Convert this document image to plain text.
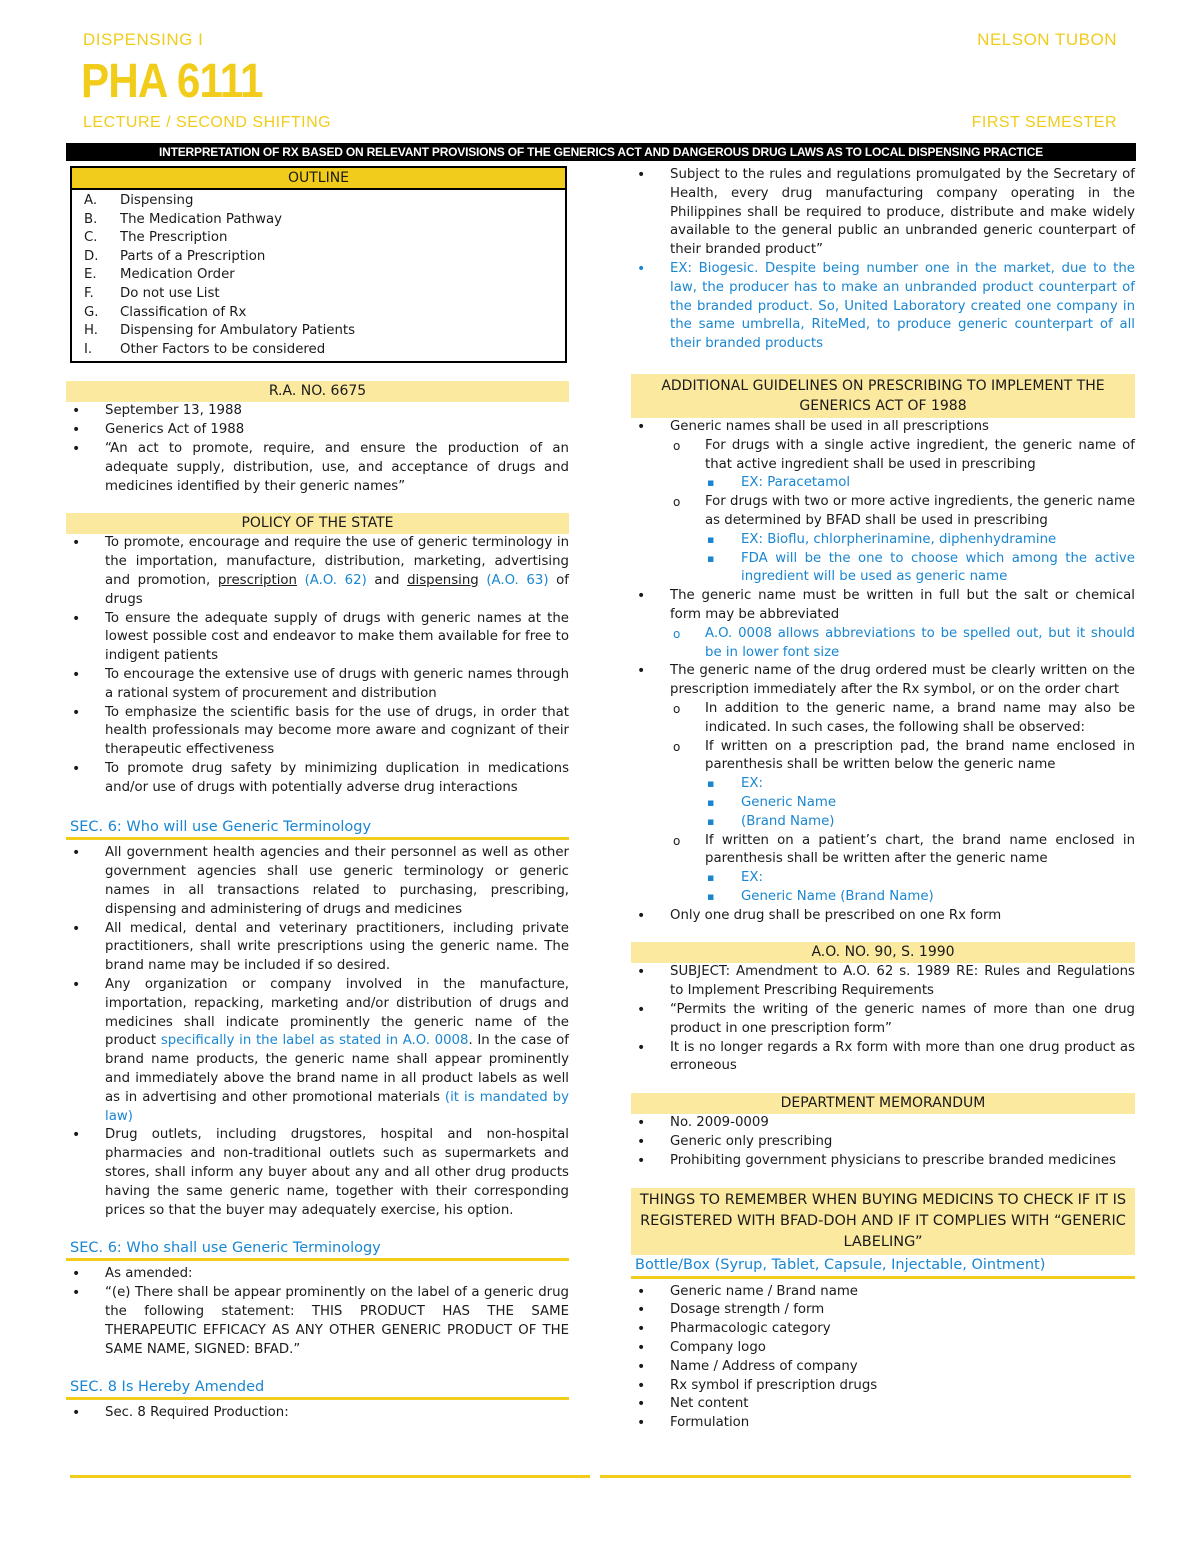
DISPENSING I
PHA 6111
LECTURE / SECOND SHIFTING
NELSON TUBON
FIRST SEMESTER
INTERPRETATION OF RX BASED ON RELEVANT PROVISIONS OF THE GENERICS ACT AND DANGEROUS DRUG LAWS AS TO LOCAL DISPENSING PRACTICE
OUTLINE
A.	Dispensing
B.	The Medication Pathway
C.	The Prescription
D.	Parts of a Prescription
E.	Medication Order
F.	Do not use List
G.	Classification of Rx
H.	Dispensing for Ambulatory Patients
I.	Other Factors to be considered
R.A. NO. 6675
• September 13, 1988
• Generics Act of 1988
• “An act to promote, require, and ensure the production of an adequate supply, distribution, use, and acceptance of drugs and medicines identified by their generic names”
POLICY OF THE STATE
• To promote, encourage and require the use of generic terminology in the importation, manufacture, distribution, marketing, advertising and promotion, prescription (A.O. 62) and dispensing (A.O. 63) of drugs
• To ensure the adequate supply of drugs with generic names at the lowest possible cost and endeavor to make them available for free to indigent patients
• To encourage the extensive use of drugs with generic names through a rational system of procurement and distribution
• To emphasize the scientific basis for the use of drugs, in order that health professionals may become more aware and cognizant of their therapeutic effectiveness
• To promote drug safety by minimizing duplication in medications and/or use of drugs with potentially adverse drug interactions
SEC. 6: Who will use Generic Terminology
• All government health agencies and their personnel as well as other government agencies shall use generic terminology or generic names in all transactions related to purchasing, prescribing, dispensing and administering of drugs and medicines
• All medical, dental and veterinary practitioners, including private practitioners, shall write prescriptions using the generic name. The brand name may be included if so desired.
• Any organization or company involved in the manufacture, importation, repacking, marketing and/or distribution of drugs and medicines shall indicate prominently the generic name of the product specifically in the label as stated in A.O. 0008. In the case of brand name products, the generic name shall appear prominently and immediately above the brand name in all product labels as well as in advertising and other promotional materials (it is mandated by law)
• Drug outlets, including drugstores, hospital and non-hospital pharmacies and non-traditional outlets such as supermarkets and stores, shall inform any buyer about any and all other drug products having the same generic name, together with their corresponding prices so that the buyer may adequately exercise, his option.
SEC. 6: Who shall use Generic Terminology
• As amended:
• “(e) There shall be appear prominently on the label of a generic drug the following statement: THIS PRODUCT HAS THE SAME THERAPEUTIC EFFICACY AS ANY OTHER GENERIC PRODUCT OF THE SAME NAME, SIGNED: BFAD.”
SEC. 8 Is Hereby Amended
• Sec. 8 Required Production:
• Subject to the rules and regulations promulgated by the Secretary of Health, every drug manufacturing company operating in the Philippines shall be required to produce, distribute and make widely available to the general public an unbranded generic counterpart of their branded product”
• EX: Biogesic. Despite being number one in the market, due to the law, the producer has to make an unbranded product counterpart of the branded product. So, United Laboratory created one company in the same umbrella, RiteMed, to produce generic counterpart of all their branded products
ADDITIONAL GUIDELINES ON PRESCRIBING TO IMPLEMENT THE GENERICS ACT OF 1988
• Generic names shall be used in all prescriptions
o For drugs with a single active ingredient, the generic name of that active ingredient shall be used in prescribing
▪ EX: Paracetamol
o For drugs with two or more active ingredients, the generic name as determined by BFAD shall be used in prescribing
▪ EX: Bioflu, chlorpherinamine, diphenhydramine
▪ FDA will be the one to choose which among the active ingredient will be used as generic name
• The generic name must be written in full but the salt or chemical form may be abbreviated
o A.O. 0008 allows abbreviations to be spelled out, but it should be in lower font size
• The generic name of the drug ordered must be clearly written on the prescription immediately after the Rx symbol, or on the order chart
o In addition to the generic name, a brand name may also be indicated. In such cases, the following shall be observed:
o If written on a prescription pad, the brand name enclosed in parenthesis shall be written below the generic name
▪ EX:
▪ Generic Name
▪ (Brand Name)
o If written on a patient’s chart, the brand name enclosed in parenthesis shall be written after the generic name
▪ EX:
▪ Generic Name (Brand Name)
• Only one drug shall be prescribed on one Rx form
A.O. NO. 90, S. 1990
• SUBJECT: Amendment to A.O. 62 s. 1989 RE: Rules and Regulations to Implement Prescribing Requirements
• “Permits the writing of the generic names of more than one drug product in one prescription form”
• It is no longer regards a Rx form with more than one drug product as erroneous
DEPARTMENT MEMORANDUM
• No. 2009-0009
• Generic only prescribing
• Prohibiting government physicians to prescribe branded medicines
THINGS TO REMEMBER WHEN BUYING MEDICINS TO CHECK IF IT IS REGISTERED WITH BFAD-DOH AND IF IT COMPLIES WITH “GENERIC LABELING”
Bottle/Box (Syrup, Tablet, Capsule, Injectable, Ointment)
• Generic name / Brand name
• Dosage strength / form
• Pharmacologic category
• Company logo
• Name / Address of company
• Rx symbol if prescription drugs
• Net content
• Formulation
